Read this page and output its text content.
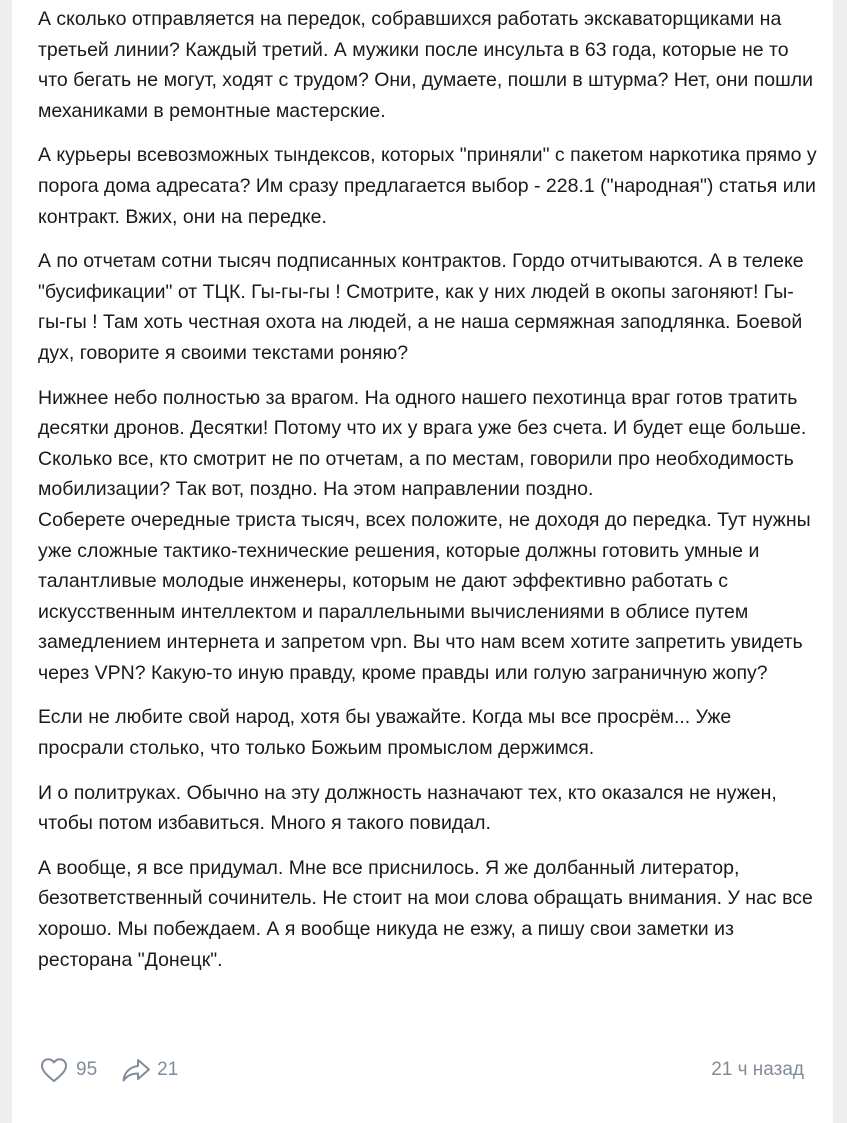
А сколько отправляется на передок, собравшихся работать экскаваторщиками на третьей линии? Каждый третий. А мужики после инсульта в 63 года, которые не то что бегать не могут, ходят с трудом? Они, думаете, пошли в штурма? Нет, они пошли механиками в ремонтные мастерские.

А курьеры всевозможных тындексов, которых "приняли" с пакетом наркотика прямо у порога дома адресата? Им сразу предлагается выбор - 228.1 ("народная") статья или контракт. Вжих, они на передке.

А по отчетам сотни тысяч подписанных контрактов. Гордо отчитываются. А в телеке "бусификации" от ТЦК. Гы-гы-гы ! Смотрите, как у них людей в окопы загоняют! Гы-гы-гы ! Там хоть честная охота на людей, а не наша сермяжная заподлянка. Боевой дух, говорите я своими текстами роняю?

Нижнее небо полностью за врагом. На одного нашего пехотинца враг готов тратить десятки дронов. Десятки! Потому что их у врага уже без счета. И будет еще больше. Сколько все, кто смотрит не по отчетам, а по местам, говорили про необходимость мобилизации? Так вот, поздно. На этом направлении поздно.

Соберете очередные триста тысяч, всех положите, не доходя до передка. Тут нужны уже сложные тактико-технические решения, которые должны готовить умные и талантливые молодые инженеры, которым не дают эффективно работать с искусственным интеллектом и параллельными вычислениями в облисе путем замедлением интернета и запретом vpn. Вы что нам всем хотите запретить увидеть через VPN? Какую-то иную правду, кроме правды или голую заграничную жопу?

Если не любите свой народ, хотя бы уважайте. Когда мы все просрём... Уже просрали столько, что только Божьим промыслом держимся.

И о политруках. Обычно на эту должность назначают тех, кто оказался не нужен, чтобы потом избавиться. Много я такого повидал.

А вообще, я все придумал. Мне все приснилось. Я же долбанный литератор, безответственный сочинитель. Не стоит на мои слова обращать внимания. У нас все хорошо. Мы побеждаем. А я вообще никуда не езжу, а пишу свои заметки из ресторана "Донецк".

95	21	21 ч назад
